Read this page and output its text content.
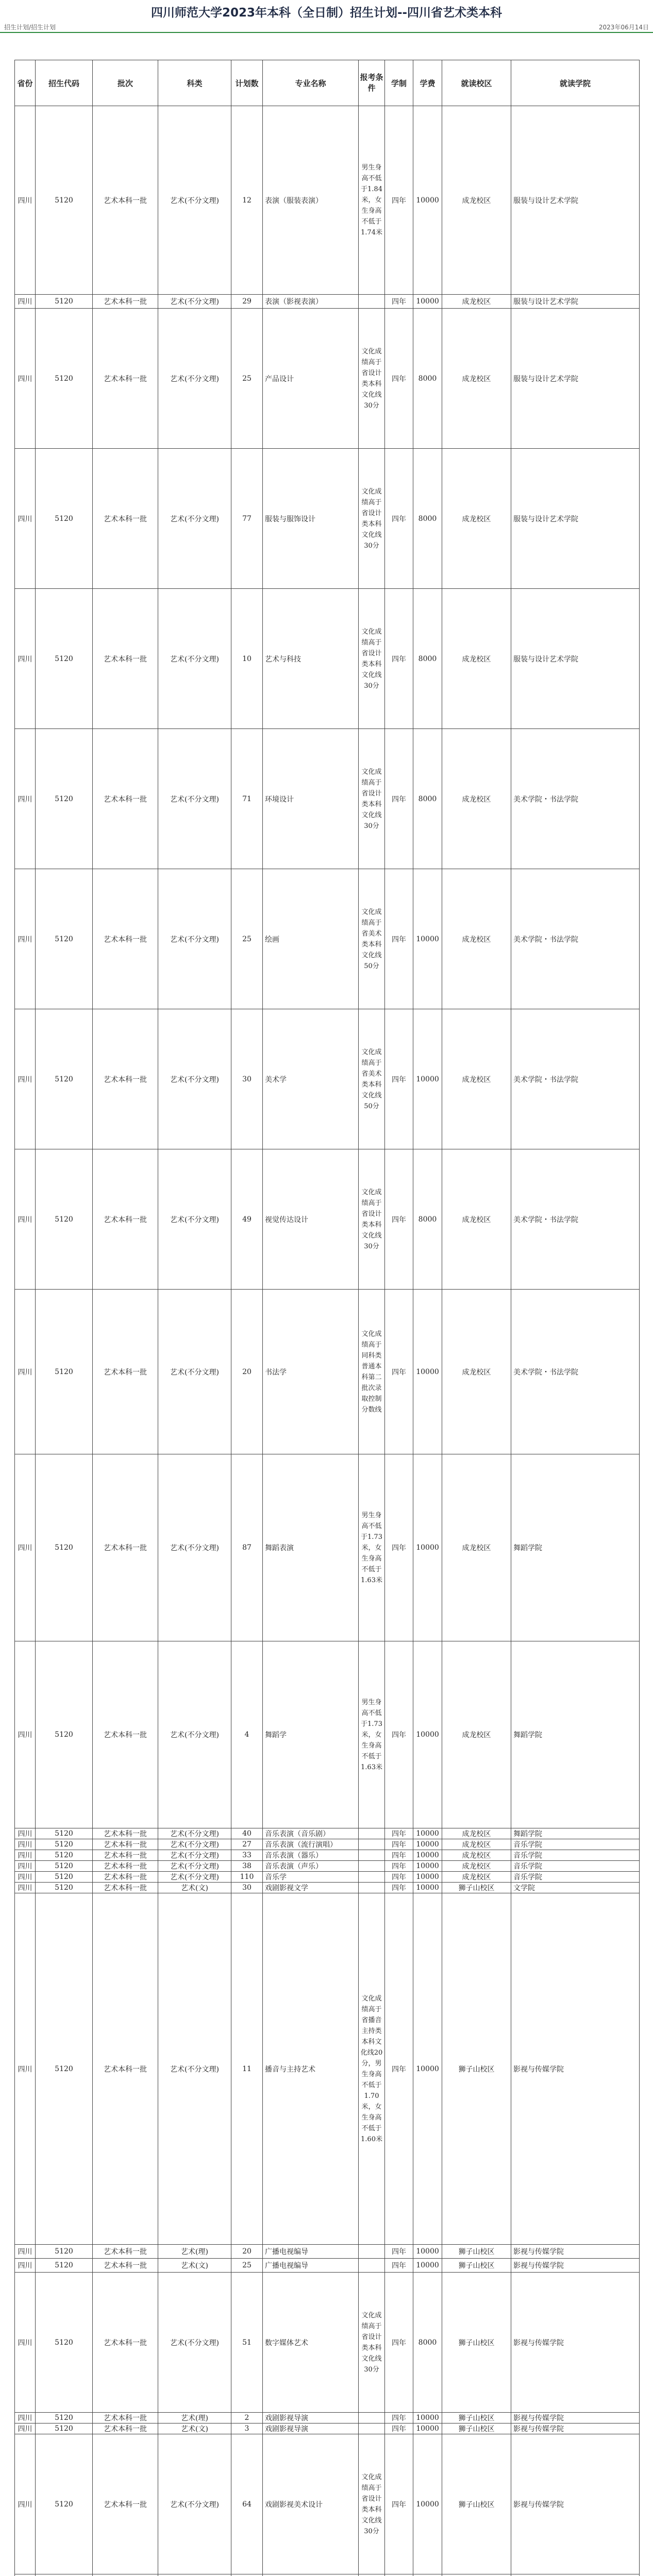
四川师范大学2023年本科（全日制）招生计划--四川省艺术类本科
招生计划/招生计划	2023年06月14日
省份	招生代码	批次	科类	计划数	专业名称	报考条件	学制	学费	就读校区	就读学院
四川	5120	艺术本科一批	艺术(不分文理)	12	表演（服装表演）	男生身高不低于1.84米，女生身高不低于1.74米	四年	10000	成龙校区	服装与设计艺术学院
四川	5120	艺术本科一批	艺术(不分文理)	29	表演（影视表演）		四年	10000	成龙校区	服装与设计艺术学院
四川	5120	艺术本科一批	艺术(不分文理)	25	产品设计	文化成绩高于省设计类本科文化线30分	四年	8000	成龙校区	服装与设计艺术学院
四川	5120	艺术本科一批	艺术(不分文理)	77	服装与服饰设计	文化成绩高于省设计类本科文化线30分	四年	8000	成龙校区	服装与设计艺术学院
四川	5120	艺术本科一批	艺术(不分文理)	10	艺术与科技	文化成绩高于省设计类本科文化线30分	四年	8000	成龙校区	服装与设计艺术学院
四川	5120	艺术本科一批	艺术(不分文理)	71	环境设计	文化成绩高于省设计类本科文化线30分	四年	8000	成龙校区	美术学院・书法学院
四川	5120	艺术本科一批	艺术(不分文理)	25	绘画	文化成绩高于省美术类本科文化线50分	四年	10000	成龙校区	美术学院・书法学院
四川	5120	艺术本科一批	艺术(不分文理)	30	美术学	文化成绩高于省美术类本科文化线50分	四年	10000	成龙校区	美术学院・书法学院
四川	5120	艺术本科一批	艺术(不分文理)	49	视觉传达设计	文化成绩高于省设计类本科文化线30分	四年	8000	成龙校区	美术学院・书法学院
四川	5120	艺术本科一批	艺术(不分文理)	20	书法学	文化成绩高于同科类普通本科第二批次录取控制分数线	四年	10000	成龙校区	美术学院・书法学院
四川	5120	艺术本科一批	艺术(不分文理)	87	舞蹈表演	男生身高不低于1.73米，女生身高不低于1.63米	四年	10000	成龙校区	舞蹈学院
四川	5120	艺术本科一批	艺术(不分文理)	4	舞蹈学	男生身高不低于1.73米，女生身高不低于1.63米	四年	10000	成龙校区	舞蹈学院
四川	5120	艺术本科一批	艺术(不分文理)	40	音乐表演（音乐剧）		四年	10000	成龙校区	舞蹈学院
四川	5120	艺术本科一批	艺术(不分文理)	27	音乐表演（流行演唱）		四年	10000	成龙校区	音乐学院
四川	5120	艺术本科一批	艺术(不分文理)	33	音乐表演（器乐）		四年	10000	成龙校区	音乐学院
四川	5120	艺术本科一批	艺术(不分文理)	38	音乐表演（声乐）		四年	10000	成龙校区	音乐学院
四川	5120	艺术本科一批	艺术(不分文理)	110	音乐学		四年	10000	成龙校区	音乐学院
四川	5120	艺术本科一批	艺术(文)	30	戏剧影视文学		四年	10000	狮子山校区	文学院
四川	5120	艺术本科一批	艺术(不分文理)	11	播音与主持艺术	文化成绩高于省播音主持类本科文化线20分，男生身高不低于1.70米，女生身高不低于1.60米	四年	10000	狮子山校区	影视与传媒学院
四川	5120	艺术本科一批	艺术(理)	20	广播电视编导		四年	10000	狮子山校区	影视与传媒学院
四川	5120	艺术本科一批	艺术(文)	25	广播电视编导		四年	10000	狮子山校区	影视与传媒学院
四川	5120	艺术本科一批	艺术(不分文理)	51	数字媒体艺术	文化成绩高于省设计类本科文化线30分	四年	8000	狮子山校区	影视与传媒学院
四川	5120	艺术本科一批	艺术(理)	2	戏剧影视导演		四年	10000	狮子山校区	影视与传媒学院
四川	5120	艺术本科一批	艺术(文)	3	戏剧影视导演		四年	10000	狮子山校区	影视与传媒学院
四川	5120	艺术本科一批	艺术(不分文理)	64	戏剧影视美术设计	文化成绩高于省设计类本科文化线30分	四年	10000	狮子山校区	影视与传媒学院
